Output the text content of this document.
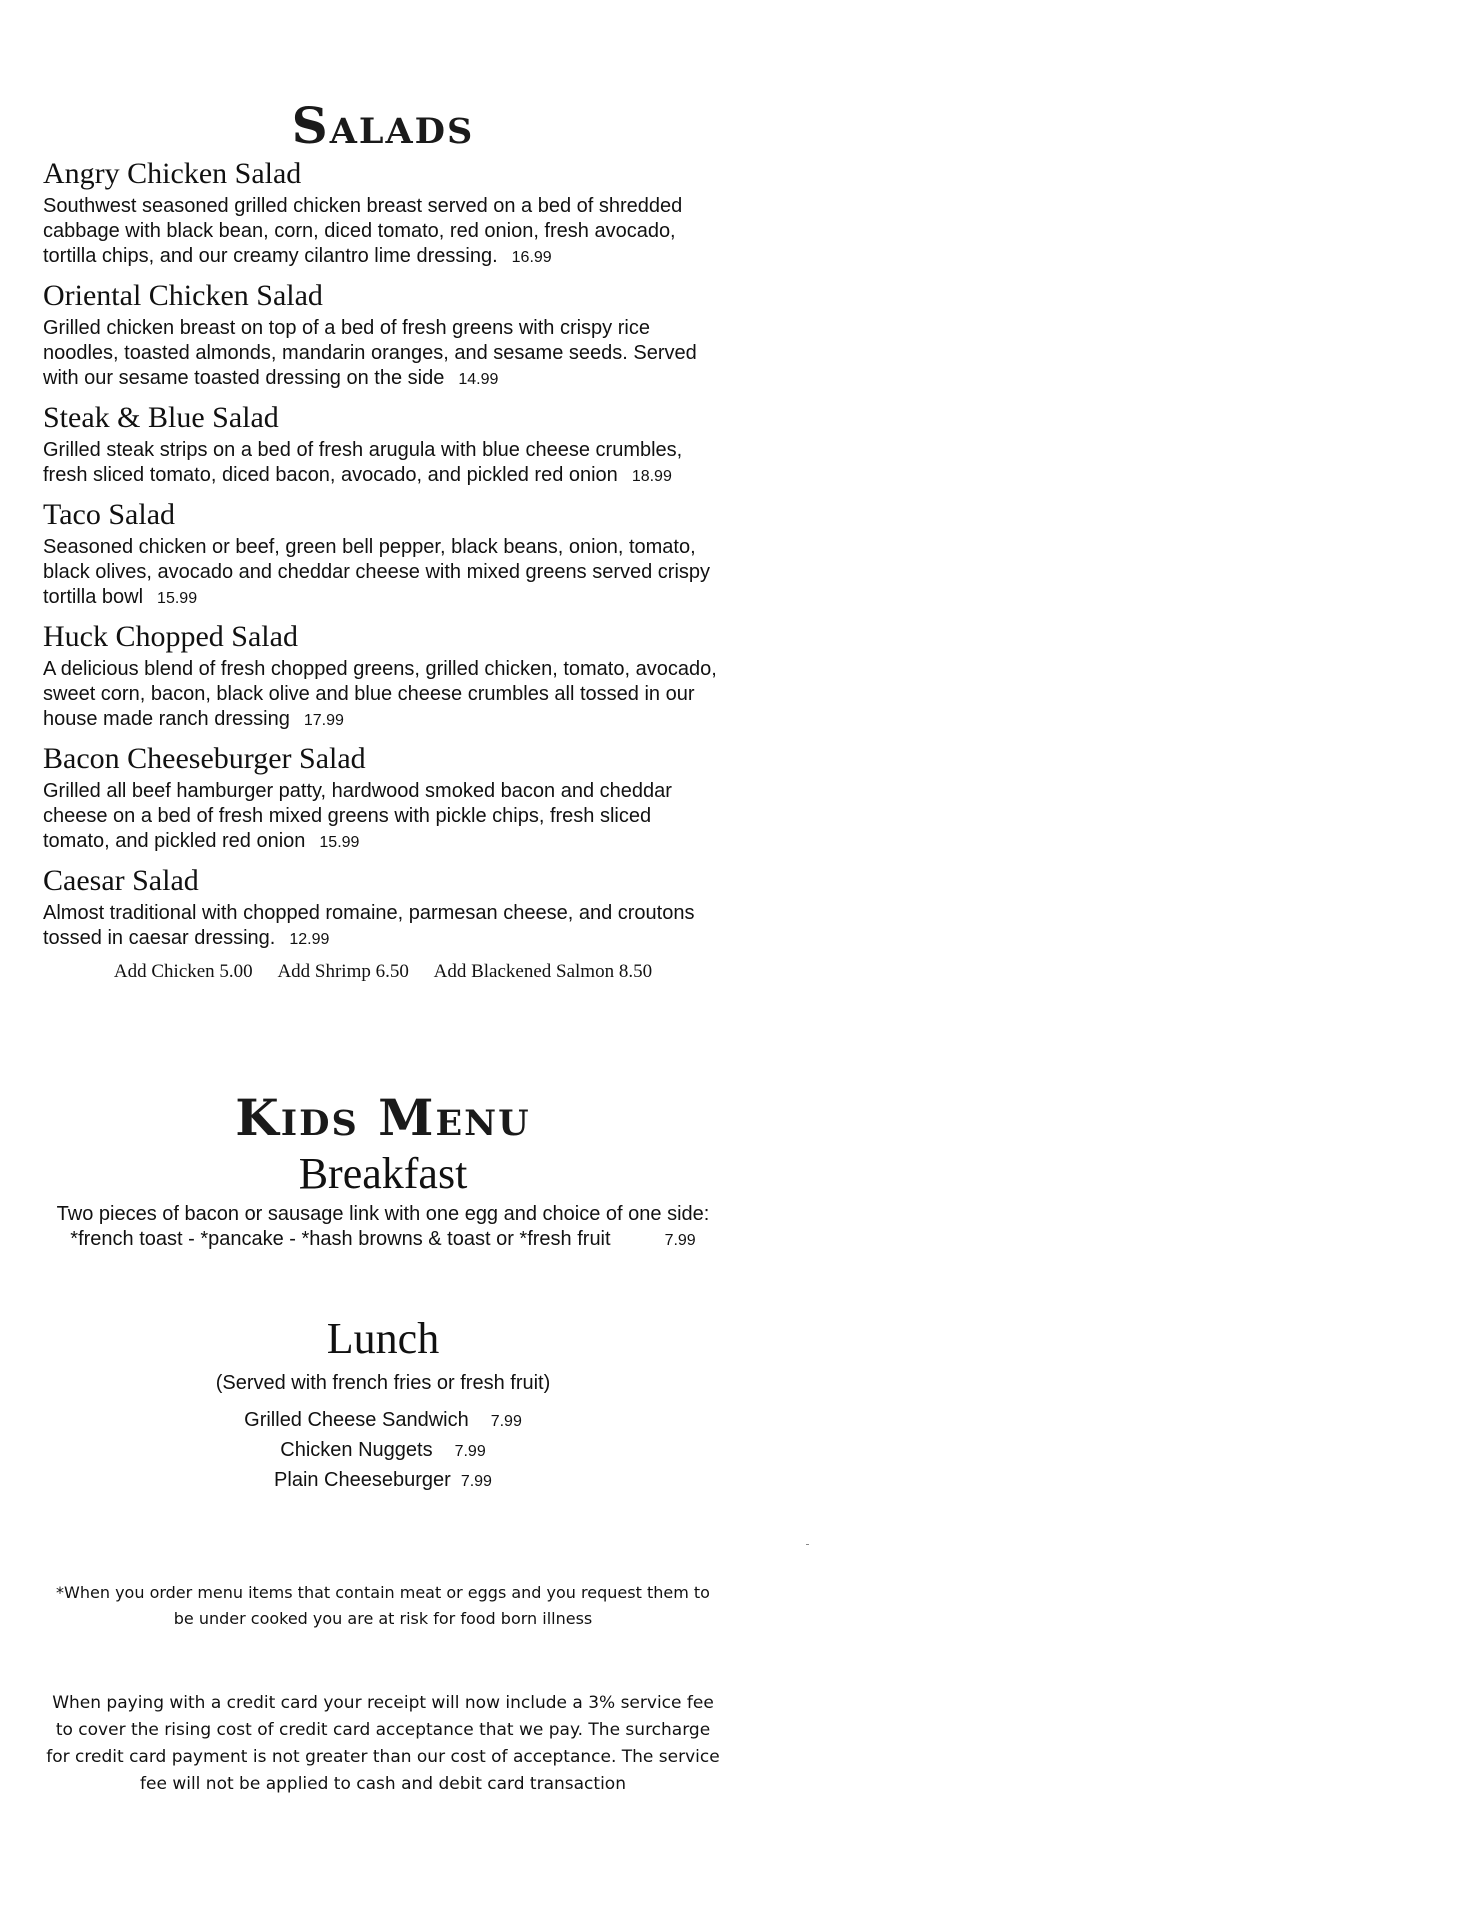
Salads

Angry Chicken Salad

Southwest seasoned grilled chicken breast served on a bed of shredded cabbage with black bean, corn, diced tomato, red onion, fresh avocado, tortilla chips, and our creamy cilantro lime dressing. 16.99

Oriental Chicken Salad

Grilled chicken breast on top of a bed of fresh greens with crispy rice noodles, toasted almonds, mandarin oranges, and sesame seeds. Served with our sesame toasted dressing on the side 14.99

Steak & Blue Salad

Grilled steak strips on a bed of fresh arugula with blue cheese crumbles, fresh sliced tomato, diced bacon, avocado, and pickled red onion 18.99

Taco Salad

Seasoned chicken or beef, green bell pepper, black beans, onion, tomato, black olives, avocado and cheddar cheese with mixed greens served crispy tortilla bowl 15.99

Huck Chopped Salad

A delicious blend of fresh chopped greens, grilled chicken, tomato, avocado, sweet corn, bacon, black olive and blue cheese crumbles all tossed in our house made ranch dressing 17.99

Bacon Cheeseburger Salad

Grilled all beef hamburger patty, hardwood smoked bacon and cheddar cheese on a bed of fresh mixed greens with pickle chips, fresh sliced tomato, and pickled red onion 15.99

Caesar Salad

Almost traditional with chopped romaine, parmesan cheese, and croutons tossed in caesar dressing. 12.99

Add Chicken 5.00 Add Shrimp 6.50 Add Blackened Salmon 8.50
Kids Menu

Breakfast

Two pieces of bacon or sausage link with one egg and choice of one side:
*french toast - *pancake - *hash browns & toast or *fresh fruit	7.99

Lunch

(Served with french fries or fresh fruit)
Grilled Cheese Sandwich 7.99
Chicken Nuggets 7.99
Plain Cheeseburger 7.99
*When you order menu items that contain meat or eggs and you request them to be under cooked you are at risk for food born illness
When paying with a credit card your receipt will now include a 3% service fee to cover the rising cost of credit card acceptance that we pay. The surcharge for credit card payment is not greater than our cost of acceptance. The service fee will not be applied to cash and debit card transaction
